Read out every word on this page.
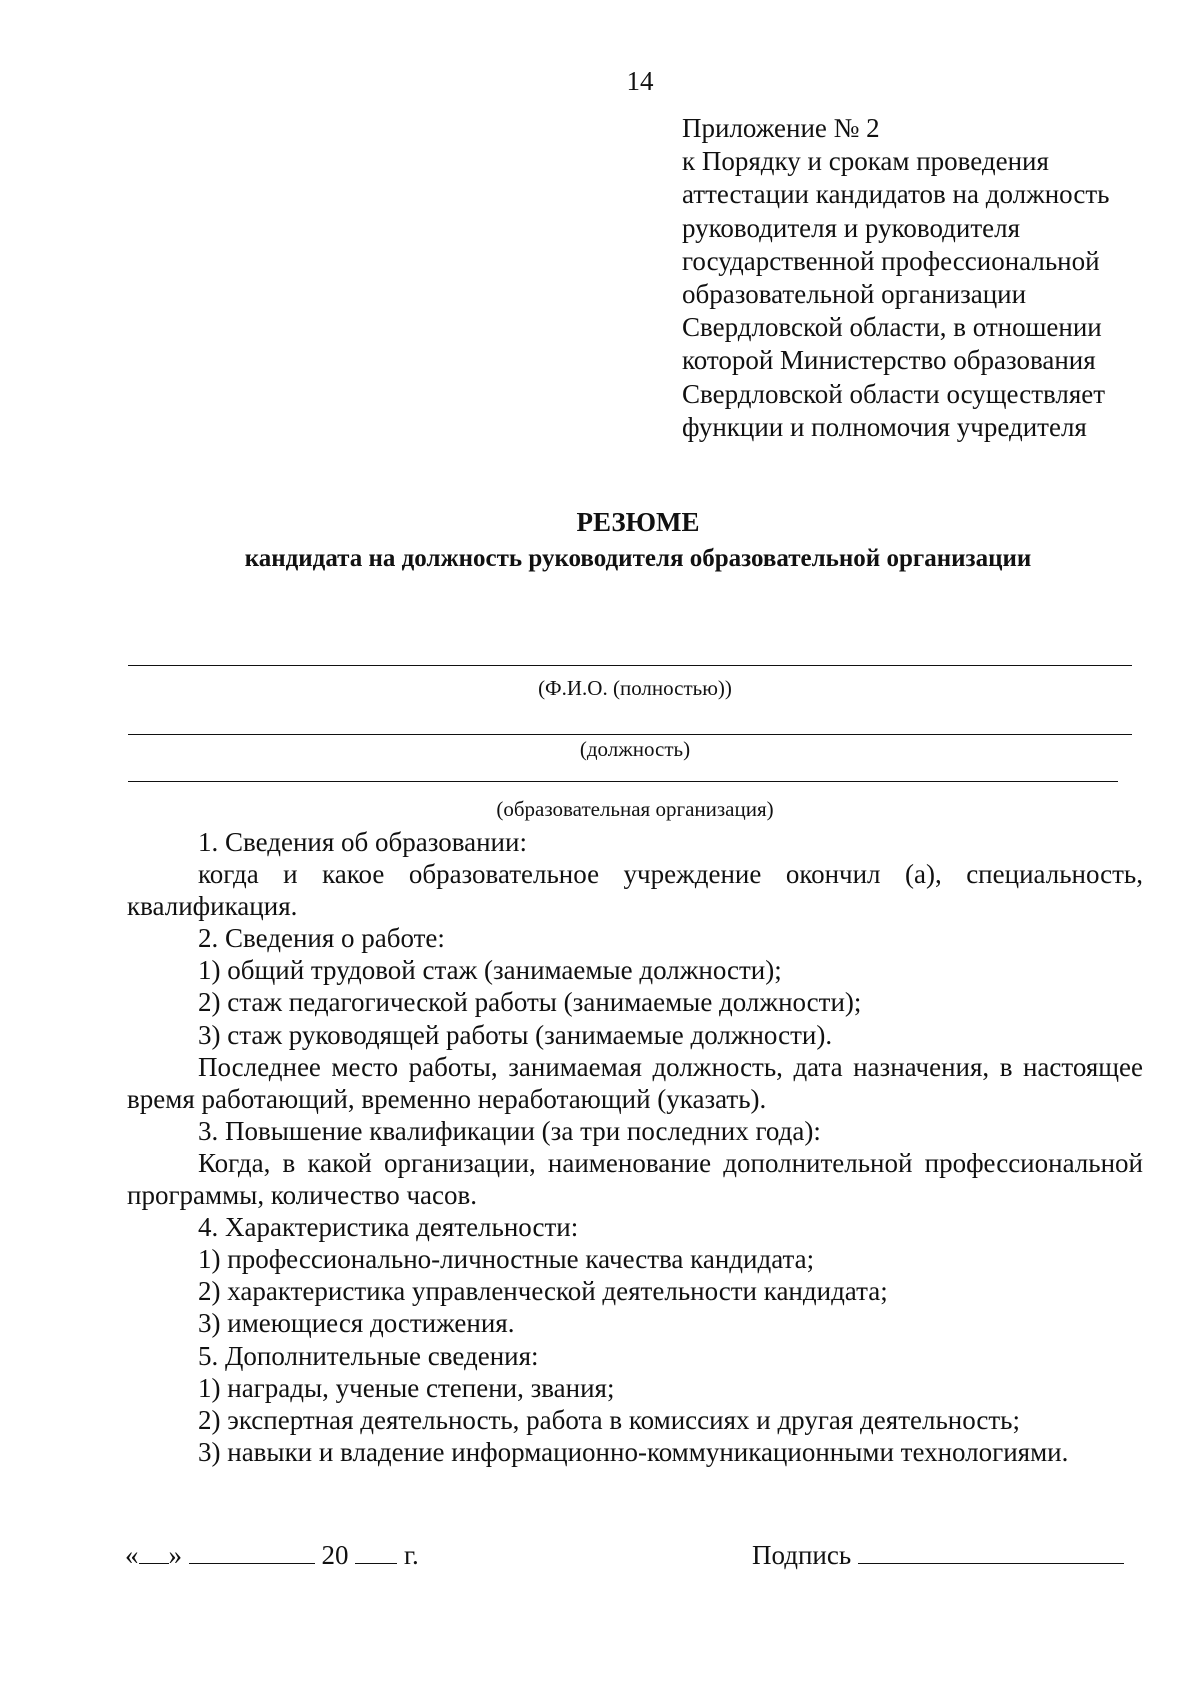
14
Приложение № 2
к Порядку и срокам проведения
аттестации кандидатов на должность
руководителя и руководителя
государственной профессиональной
образовательной организации
Свердловской области, в отношении
которой Министерство образования
Свердловской области осуществляет
функции и полномочия учредителя
РЕЗЮМЕ
кандидата на должность руководителя образовательной организации
(Ф.И.О. (полностью))
(должность)
(образовательная организация)
1. Сведения об образовании:
когда и какое образовательное учреждение окончил (а), специальность, квалификация.
2. Сведения о работе:
1) общий трудовой стаж (занимаемые должности);
2) стаж педагогической работы (занимаемые должности);
3) стаж руководящей работы (занимаемые должности).
Последнее место работы, занимаемая должность, дата назначения, в настоящее время работающий, временно неработающий (указать).
3. Повышение квалификации (за три последних года):
Когда, в какой организации, наименование дополнительной профессиональной программы, количество часов.
4. Характеристика деятельности:
1) профессионально-личностные качества кандидата;
2) характеристика управленческой деятельности кандидата;
3) имеющиеся достижения.
5. Дополнительные сведения:
1) награды, ученые степени, звания;
2) экспертная деятельность, работа в комиссиях и другая деятельность;
3) навыки и владение информационно-коммуникационными технологиями.
« »	20 г.	Подпись
